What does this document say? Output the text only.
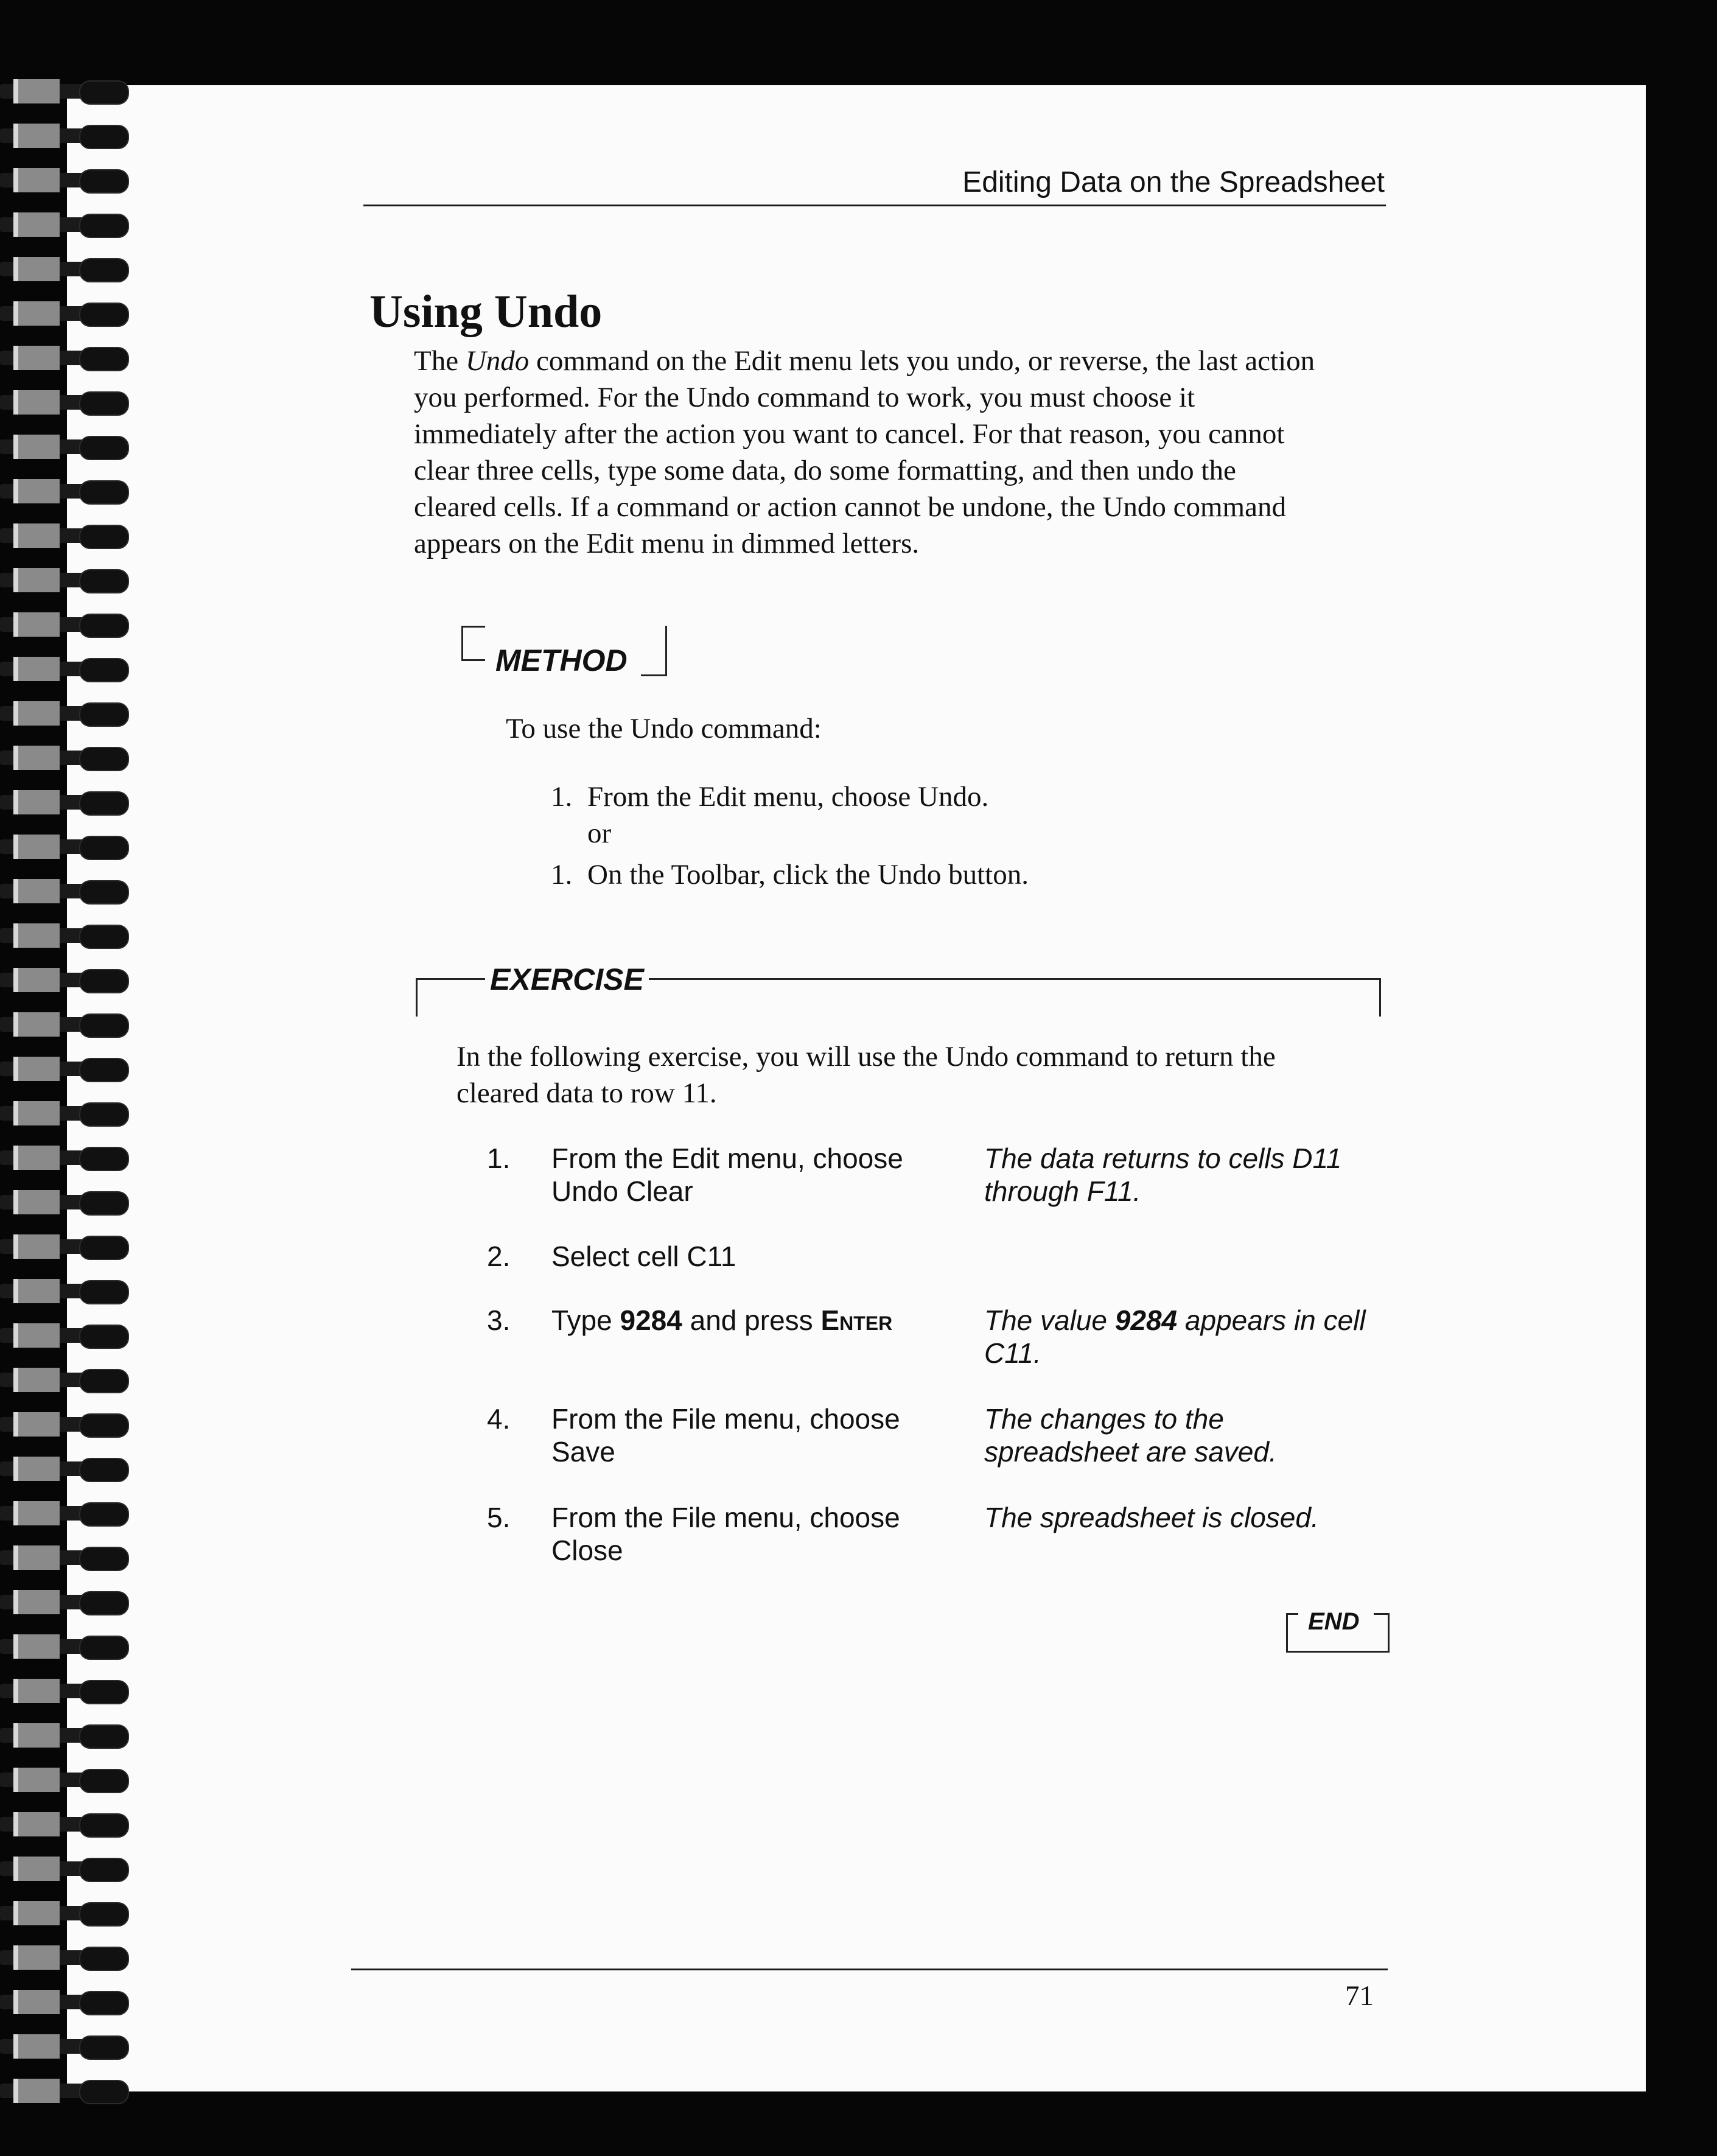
Editing Data on the Spreadsheet
Using Undo

The Undo command on the Edit menu lets you undo, or reverse, the last action
you performed. For the Undo command to work, you must choose it
immediately after the action you want to cancel. For that reason, you cannot
clear three cells, type some data, do some formatting, and then undo the
cleared cells. If a command or action cannot be undone, the Undo command
appears on the Edit menu in dimmed letters.

METHOD
To use the Undo command:
1. From the Edit menu, choose Undo.
or
1. On the Toolbar, click the Undo button.
EXERCISE
In the following exercise, you will use the Undo command to return the
cleared data to row 11.
1. From the Edit menu, choose
Undo Clear
The data returns to cells D11
through F11.
2. Select cell C11
3. Type 9284 and press Enter	The value 9284 appears in cell
C11.
4. From the File menu, choose
Save
The changes to the
spreadsheet are saved.
5. From the File menu, choose
Close
The spreadsheet is closed.
END
71
